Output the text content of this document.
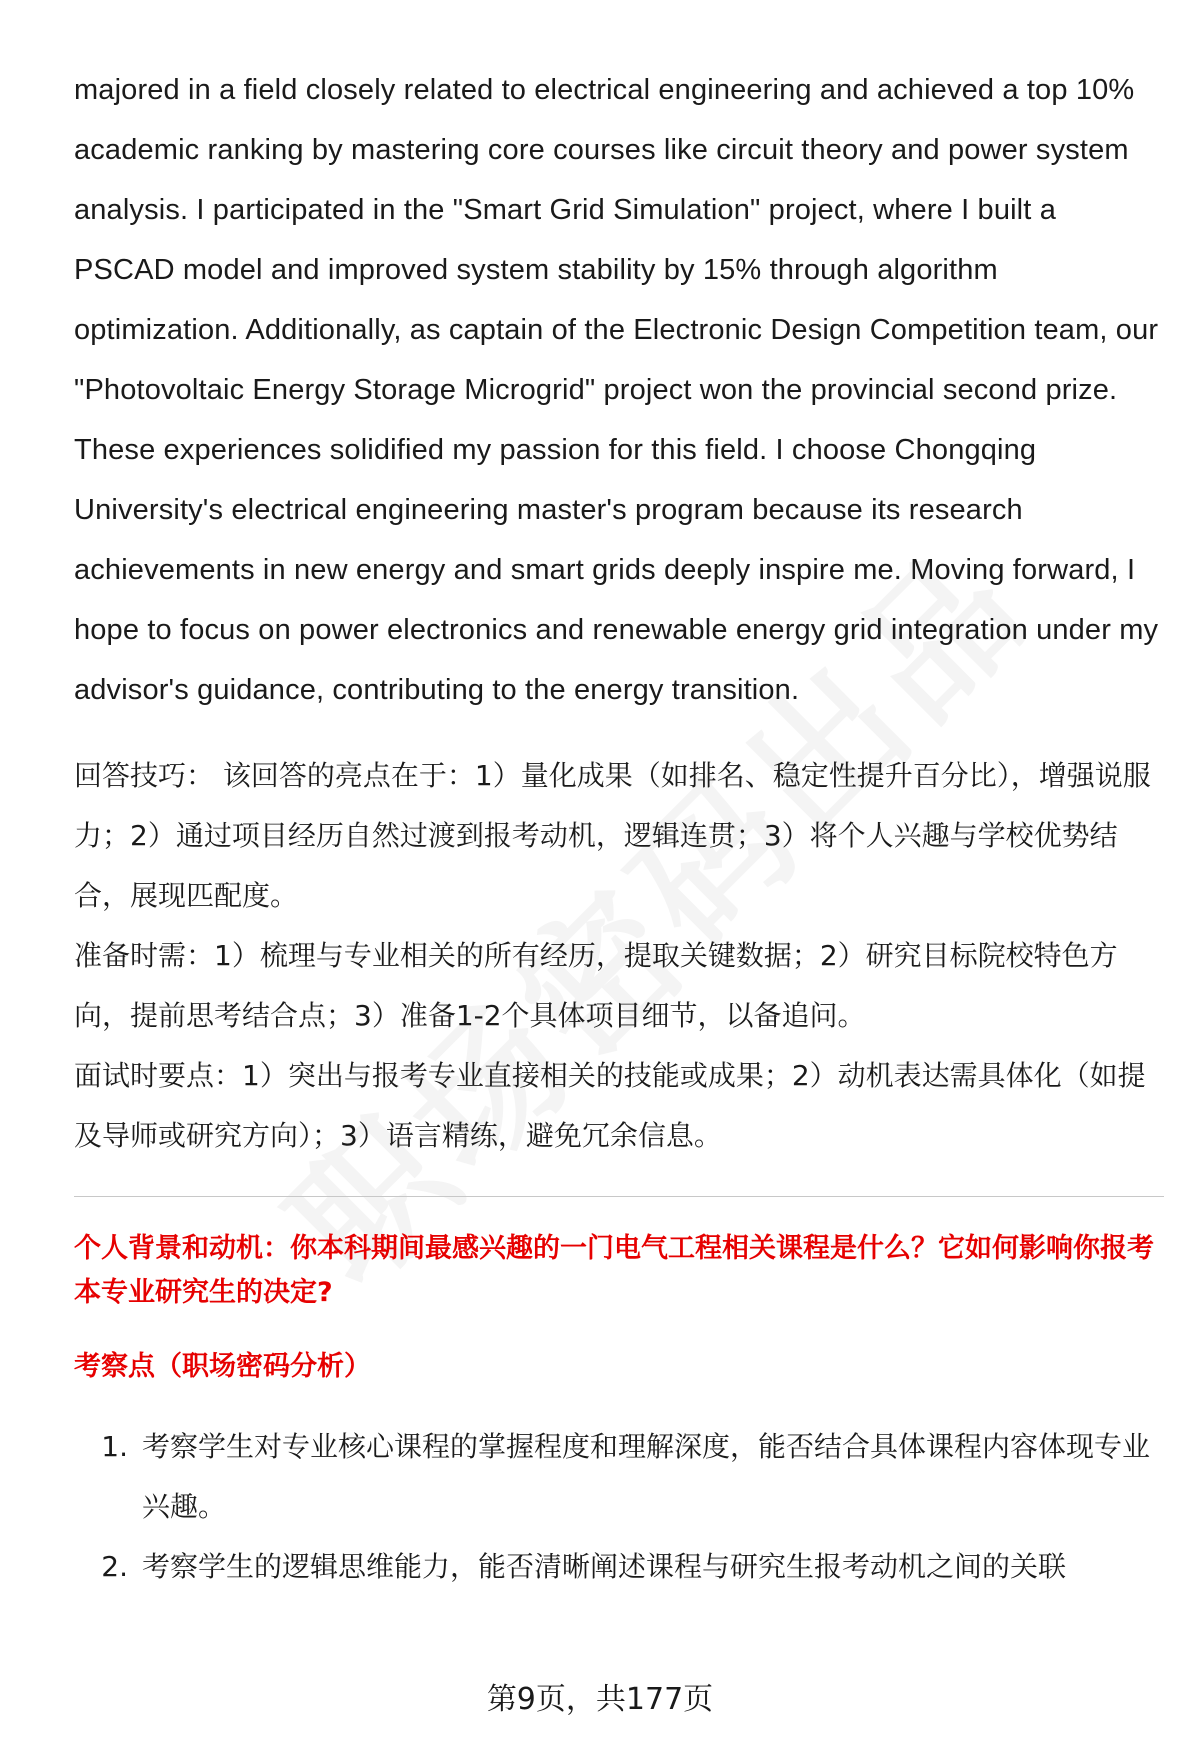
majored in a field closely related to electrical engineering and achieved a top 10% academic ranking by mastering core courses like circuit theory and power system analysis. I participated in the "Smart Grid Simulation" project, where I built a PSCAD model and improved system stability by 15% through algorithm optimization. Additionally, as captain of the Electronic Design Competition team, our "Photovoltaic Energy Storage Microgrid" project won the provincial second prize. These experiences solidified my passion for this field. I choose Chongqing University's electrical engineering master's program because its research achievements in new energy and smart grids deeply inspire me. Moving forward, I hope to focus on power electronics and renewable energy grid integration under my advisor's guidance, contributing to the energy transition.

回答技巧： 该回答的亮点在于：1）量化成果（如排名、稳定性提升百分比），增强说服力；2）通过项目经历自然过渡到报考动机，逻辑连贯；3）将个人兴趣与学校优势结合，展现匹配度。

准备时需：1）梳理与专业相关的所有经历，提取关键数据；2）研究目标院校特色方向，提前思考结合点；3）准备1-2个具体项目细节，以备追问。

面试时要点：1）突出与报考专业直接相关的技能或成果；2）动机表达需具体化（如提及导师或研究方向）；3）语言精练，避免冗余信息。

个人背景和动机：你本科期间最感兴趣的一门电气工程相关课程是什么？它如何影响你报考本专业研究生的决定?

考察点（职场密码分析）

1. 考察学生对专业核心课程的掌握程度和理解深度，能否结合具体课程内容体现专业兴趣。
2. 考察学生的逻辑思维能力，能否清晰阐述课程与研究生报考动机之间的关联
第9页，共177页
